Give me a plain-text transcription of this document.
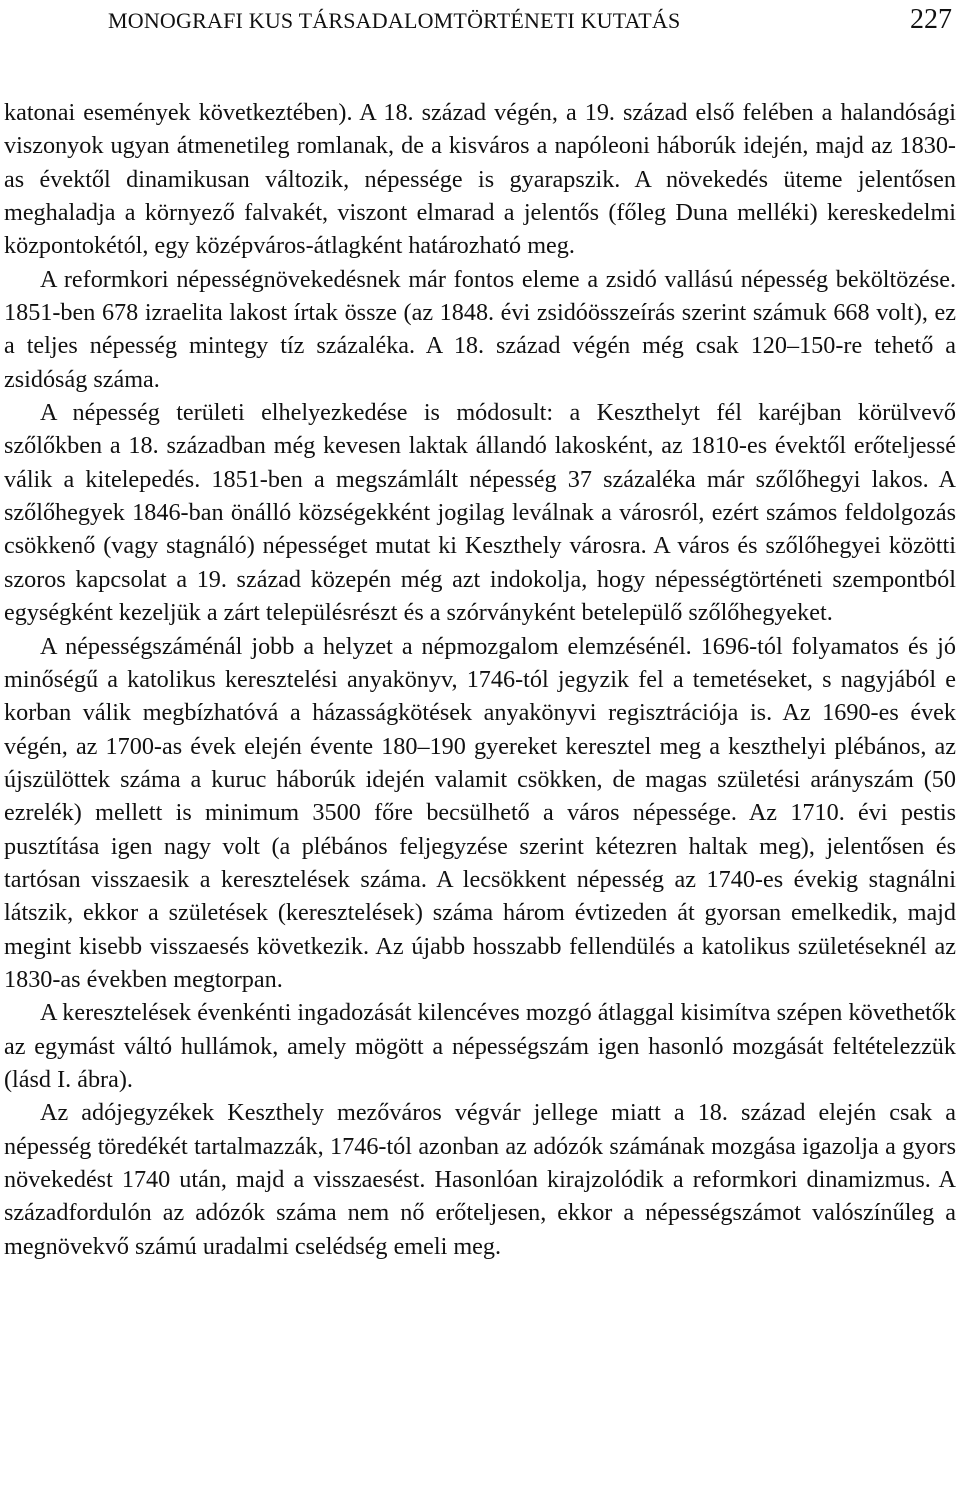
MONOGRAFI KUS TÁRSADALOMTÖRTÉNETI KUTATÁS	227

katonai események következtében). A 18. század végén, a 19. század első felében a halandósági viszonyok ugyan átmenetileg romlanak, de a kisváros a napóleoni háborúk idején, majd az 1830-as évektől dinamikusan változik, népessége is gyarapszik. A növekedés üteme jelentősen meghaladja a környező falvakét, viszont elmarad a jelentős (főleg Duna melléki) kereskedelmi központokétól, egy középváros-átlagként határozható meg.

A reformkori népességnövekedésnek már fontos eleme a zsidó vallású népesség beköltözése. 1851-ben 678 izraelita lakost írtak össze (az 1848. évi zsidóösszeírás szerint számuk 668 volt), ez a teljes népesség mintegy tíz százaléka. A 18. század végén még csak 120–150-re tehető a zsidóság száma.

A népesség területi elhelyezkedése is módosult: a Keszthelyt fél karéjban körülvevő szőlőkben a 18. században még kevesen laktak állandó lakosként, az 1810-es évektől erőteljessé válik a kitelepedés. 1851-ben a megszámlált népesség 37 százaléka már szőlőhegyi lakos. A szőlőhegyek 1846-ban önálló községekként jogilag leválnak a városról, ezért számos feldolgozás csökkenő (vagy stagnáló) népességet mutat ki Keszthely városra. A város és szőlőhegyei közötti szoros kapcsolat a 19. század közepén még azt indokolja, hogy népességtörténeti szempontból egységként kezeljük a zárt településrészt és a szórványként betelepülő szőlőhegyeket.

A népességszáménál jobb a helyzet a népmozgalom elemzésénél. 1696-tól folyamatos és jó minőségű a katolikus keresztelési anyakönyv, 1746-tól jegyzik fel a temetéseket, s nagyjából e korban válik megbízhatóvá a házasságkötések anyakönyvi regisztrációja is. Az 1690-es évek végén, az 1700-as évek elején évente 180–190 gyereket keresztel meg a keszthelyi plébános, az újszülöttek száma a kuruc háborúk idején valamit csökken, de magas születési arányszám (50 ezrelék) mellett is minimum 3500 főre becsülhető a város népessége. Az 1710. évi pestis pusztítása igen nagy volt (a plébános feljegyzése szerint kétezren haltak meg), jelentősen és tartósan visszaesik a keresztelések száma. A lecsökkent népesség az 1740-es évekig stagnálni látszik, ekkor a születések (keresztelések) száma három évtizeden át gyorsan emelkedik, majd megint kisebb visszaesés következik. Az újabb hosszabb fellendülés a katolikus születéseknél az 1830-as években megtorpan.

A keresztelések évenkénti ingadozását kilencéves mozgó átlaggal kisimítva szépen követhetők az egymást váltó hullámok, amely mögött a népességszám igen hasonló mozgását feltételezzük (lásd I. ábra).

Az adójegyzékek Keszthely mezőváros végvár jellege miatt a 18. század elején csak a népesség töredékét tartalmazzák, 1746-tól azonban az adózók számának mozgása igazolja a gyors növekedést 1740 után, majd a visszaesést. Hasonlóan kirajzolódik a reformkori dinamizmus. A századfordulón az adózók száma nem nő erőteljesen, ekkor a népességszámot valószínűleg a megnövekvő számú uradalmi cselédség emeli meg.
